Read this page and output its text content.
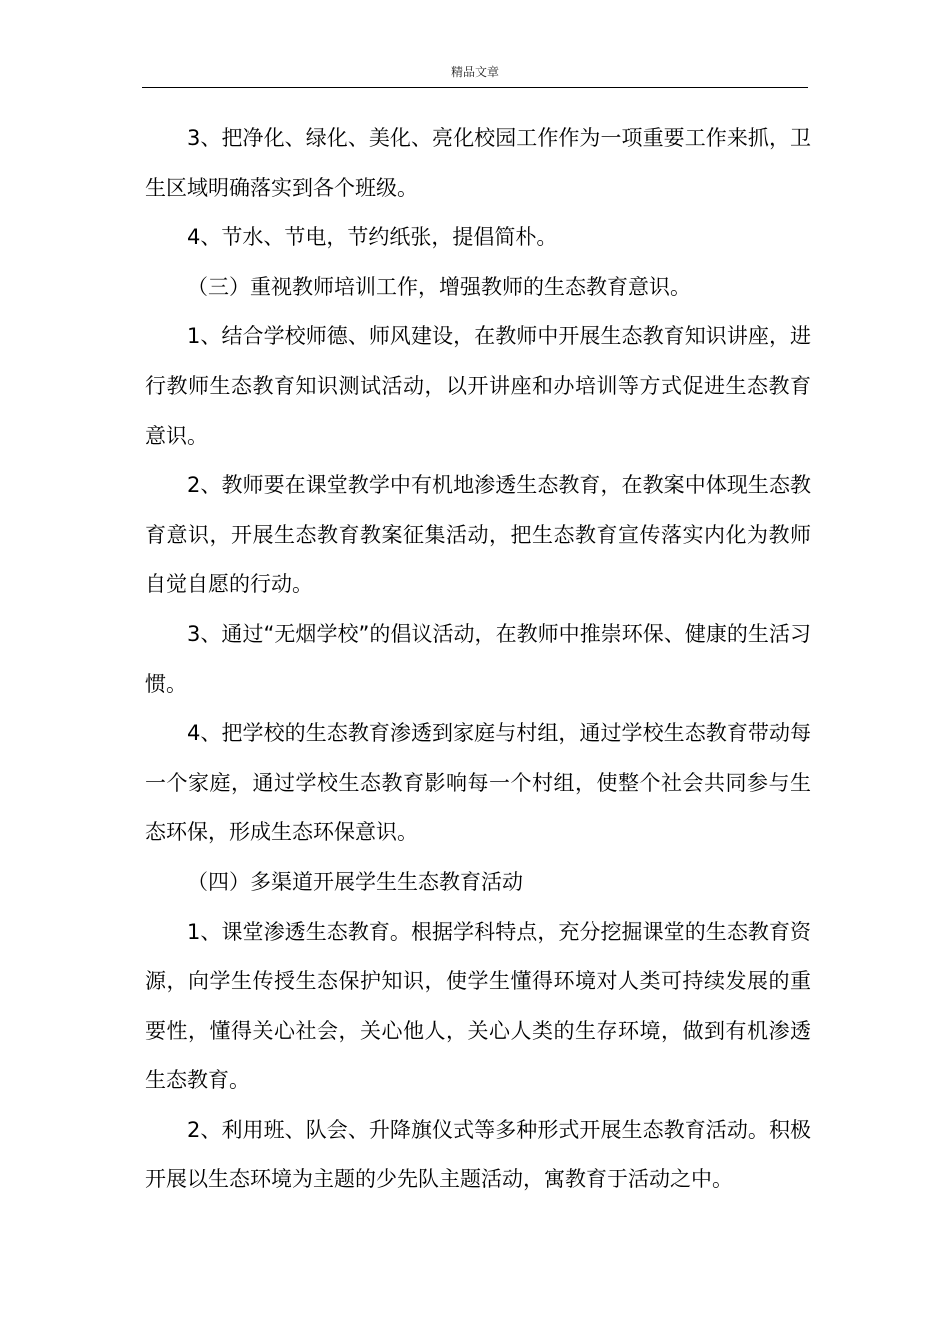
精品文章

3、把净化、绿化、美化、亮化校园工作作为一项重要工作来抓，卫生区域明确落实到各个班级。

4、节水、节电，节约纸张，提倡简朴。

（三）重视教师培训工作，增强教师的生态教育意识。

1、结合学校师德、师风建设，在教师中开展生态教育知识讲座，进行教师生态教育知识测试活动，以开讲座和办培训等方式促进生态教育意识。

2、教师要在课堂教学中有机地渗透生态教育，在教案中体现生态教育意识，开展生态教育教案征集活动，把生态教育宣传落实内化为教师自觉自愿的行动。

3、通过“无烟学校”的倡议活动，在教师中推崇环保、健康的生活习惯。

4、把学校的生态教育渗透到家庭与村组，通过学校生态教育带动每一个家庭，通过学校生态教育影响每一个村组，使整个社会共同参与生态环保，形成生态环保意识。

（四）多渠道开展学生生态教育活动

1、课堂渗透生态教育。根据学科特点，充分挖掘课堂的生态教育资源，向学生传授生态保护知识，使学生懂得环境对人类可持续发展的重要性，懂得关心社会，关心他人，关心人类的生存环境，做到有机渗透生态教育。

2、利用班、队会、升降旗仪式等多种形式开展生态教育活动。积极开展以生态环境为主题的少先队主题活动，寓教育于活动之中。
